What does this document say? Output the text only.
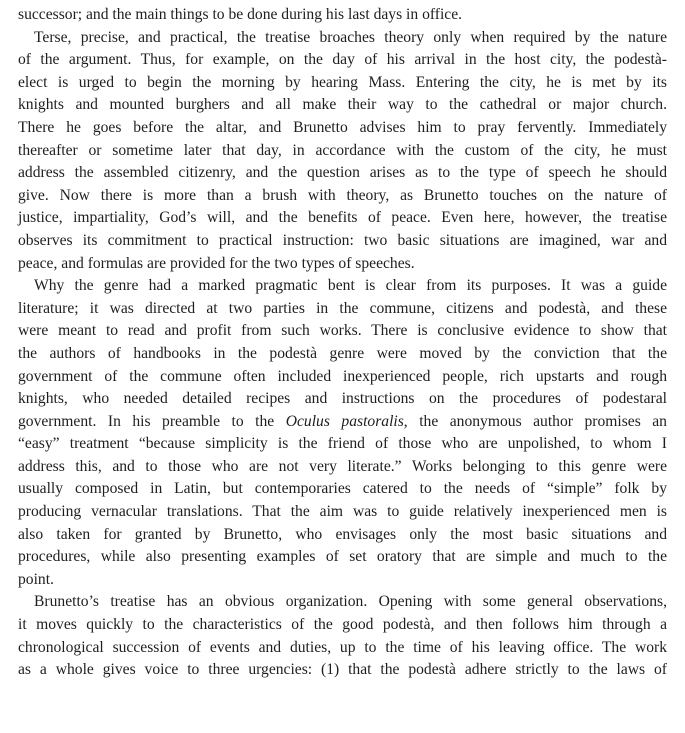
successor; and the main things to be done during his last days in office.

Terse, precise, and practical, the treatise broaches theory only when required by the nature
of the argument. Thus, for example, on the day of his arrival in the host city, the podestà-
elect is urged to begin the morning by hearing Mass. Entering the city, he is met by its
knights and mounted burghers and all make their way to the cathedral or major church.
There he goes before the altar, and Brunetto advises him to pray fervently. Immediately
thereafter or sometime later that day, in accordance with the custom of the city, he must
address the assembled citizenry, and the question arises as to the type of speech he should
give. Now there is more than a brush with theory, as Brunetto touches on the nature of
justice, impartiality, God’s will, and the benefits of peace. Even here, however, the treatise
observes its commitment to practical instruction: two basic situations are imagined, war and
peace, and formulas are provided for the two types of speeches.

Why the genre had a marked pragmatic bent is clear from its purposes. It was a guide
literature; it was directed at two parties in the commune, citizens and podestà, and these
were meant to read and profit from such works. There is conclusive evidence to show that
the authors of handbooks in the podestà genre were moved by the conviction that the
government of the commune often included inexperienced people, rich upstarts and rough
knights, who needed detailed recipes and instructions on the procedures of podestaral
government. In his preamble to the Oculus pastoralis, the anonymous author promises an
“easy” treatment “because simplicity is the friend of those who are unpolished, to whom I
address this, and to those who are not very literate.” Works belonging to this genre were
usually composed in Latin, but contemporaries catered to the needs of “simple” folk by
producing vernacular translations. That the aim was to guide relatively inexperienced men is
also taken for granted by Brunetto, who envisages only the most basic situations and
procedures, while also presenting examples of set oratory that are simple and much to the
point.

Brunetto’s treatise has an obvious organization. Opening with some general observations,
it moves quickly to the characteristics of the good podestà, and then follows him through a
chronological succession of events and duties, up to the time of his leaving office. The work
as a whole gives voice to three urgencies: (1) that the podestà adhere strictly to the laws of
